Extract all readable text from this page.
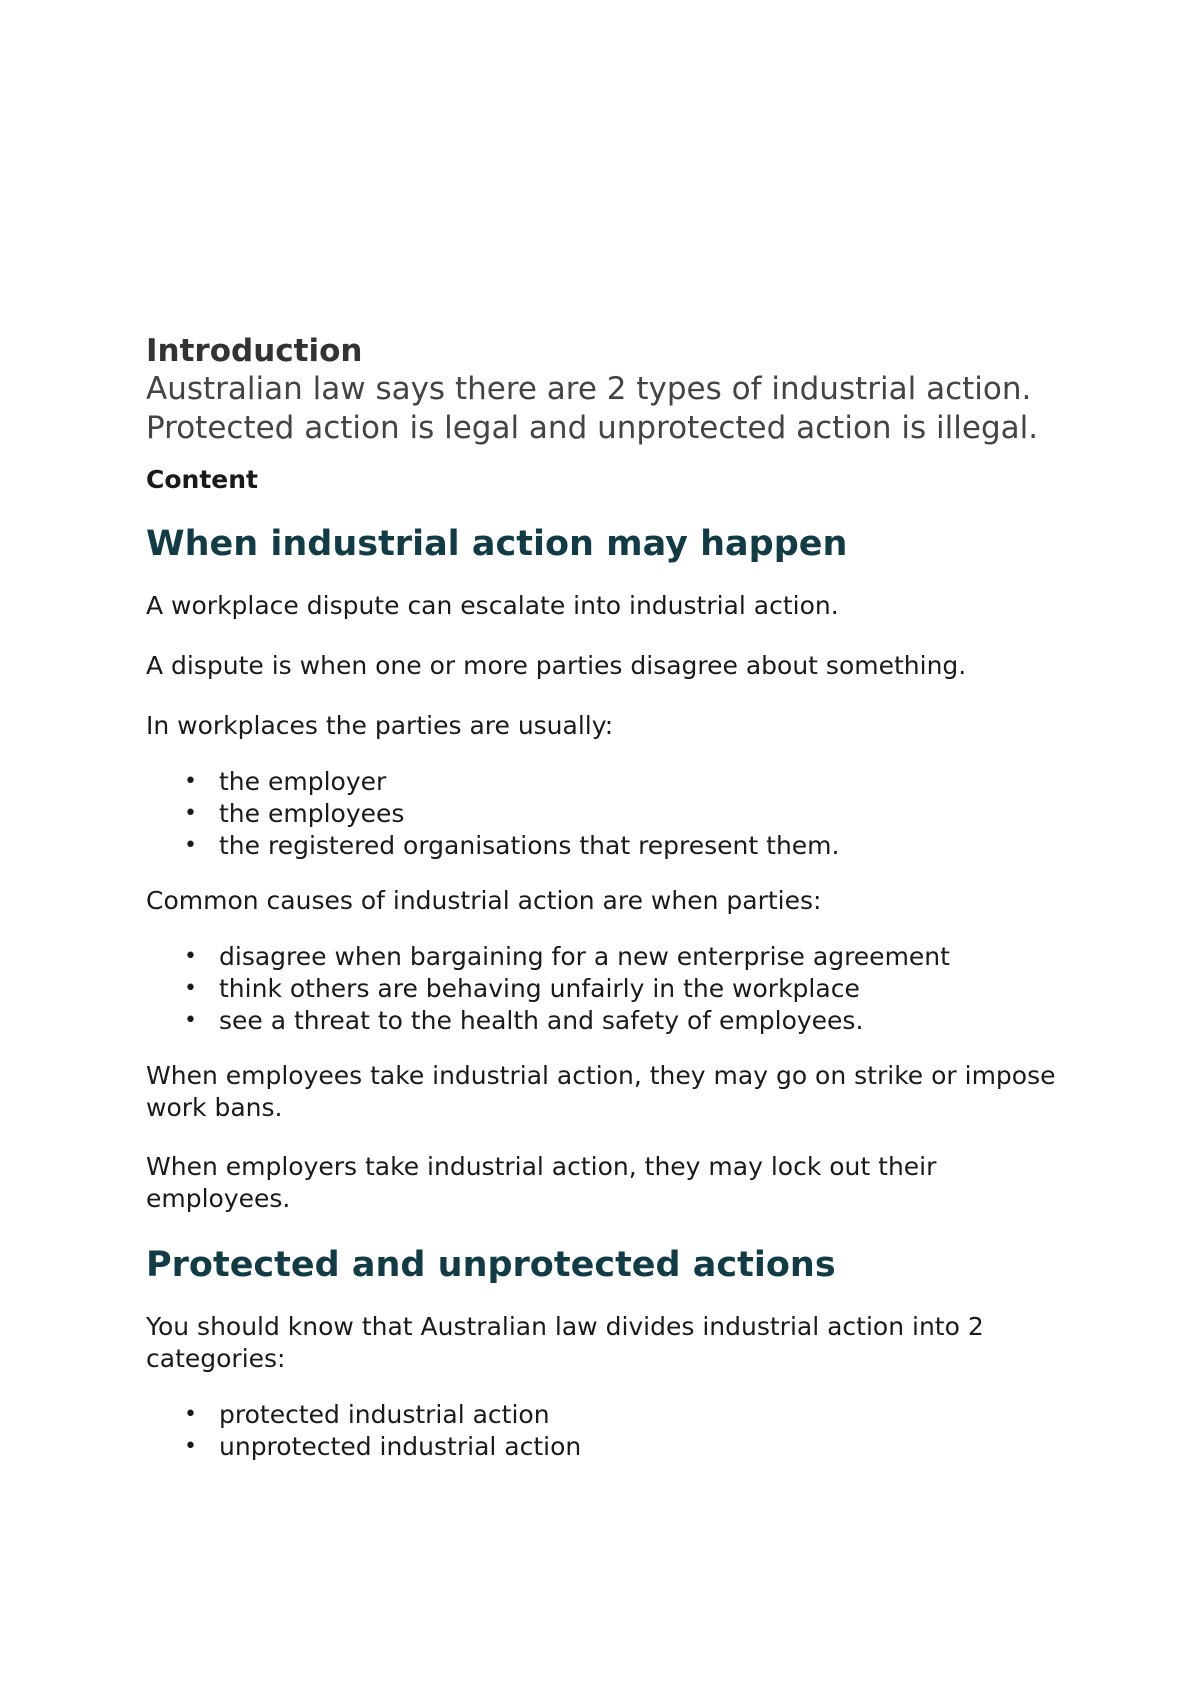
Introduction

Australian law says there are 2 types of industrial action. Protected action is legal and unprotected action is illegal.

Content

When industrial action may happen

A workplace dispute can escalate into industrial action.

A dispute is when one or more parties disagree about something.

In workplaces the parties are usually:

• the employer
• the employees
• the registered organisations that represent them.

Common causes of industrial action are when parties:

• disagree when bargaining for a new enterprise agreement
• think others are behaving unfairly in the workplace
• see a threat to the health and safety of employees.

When employees take industrial action, they may go on strike or impose work bans.

When employers take industrial action, they may lock out their employees.

Protected and unprotected actions

You should know that Australian law divides industrial action into 2 categories:

• protected industrial action
• unprotected industrial action
